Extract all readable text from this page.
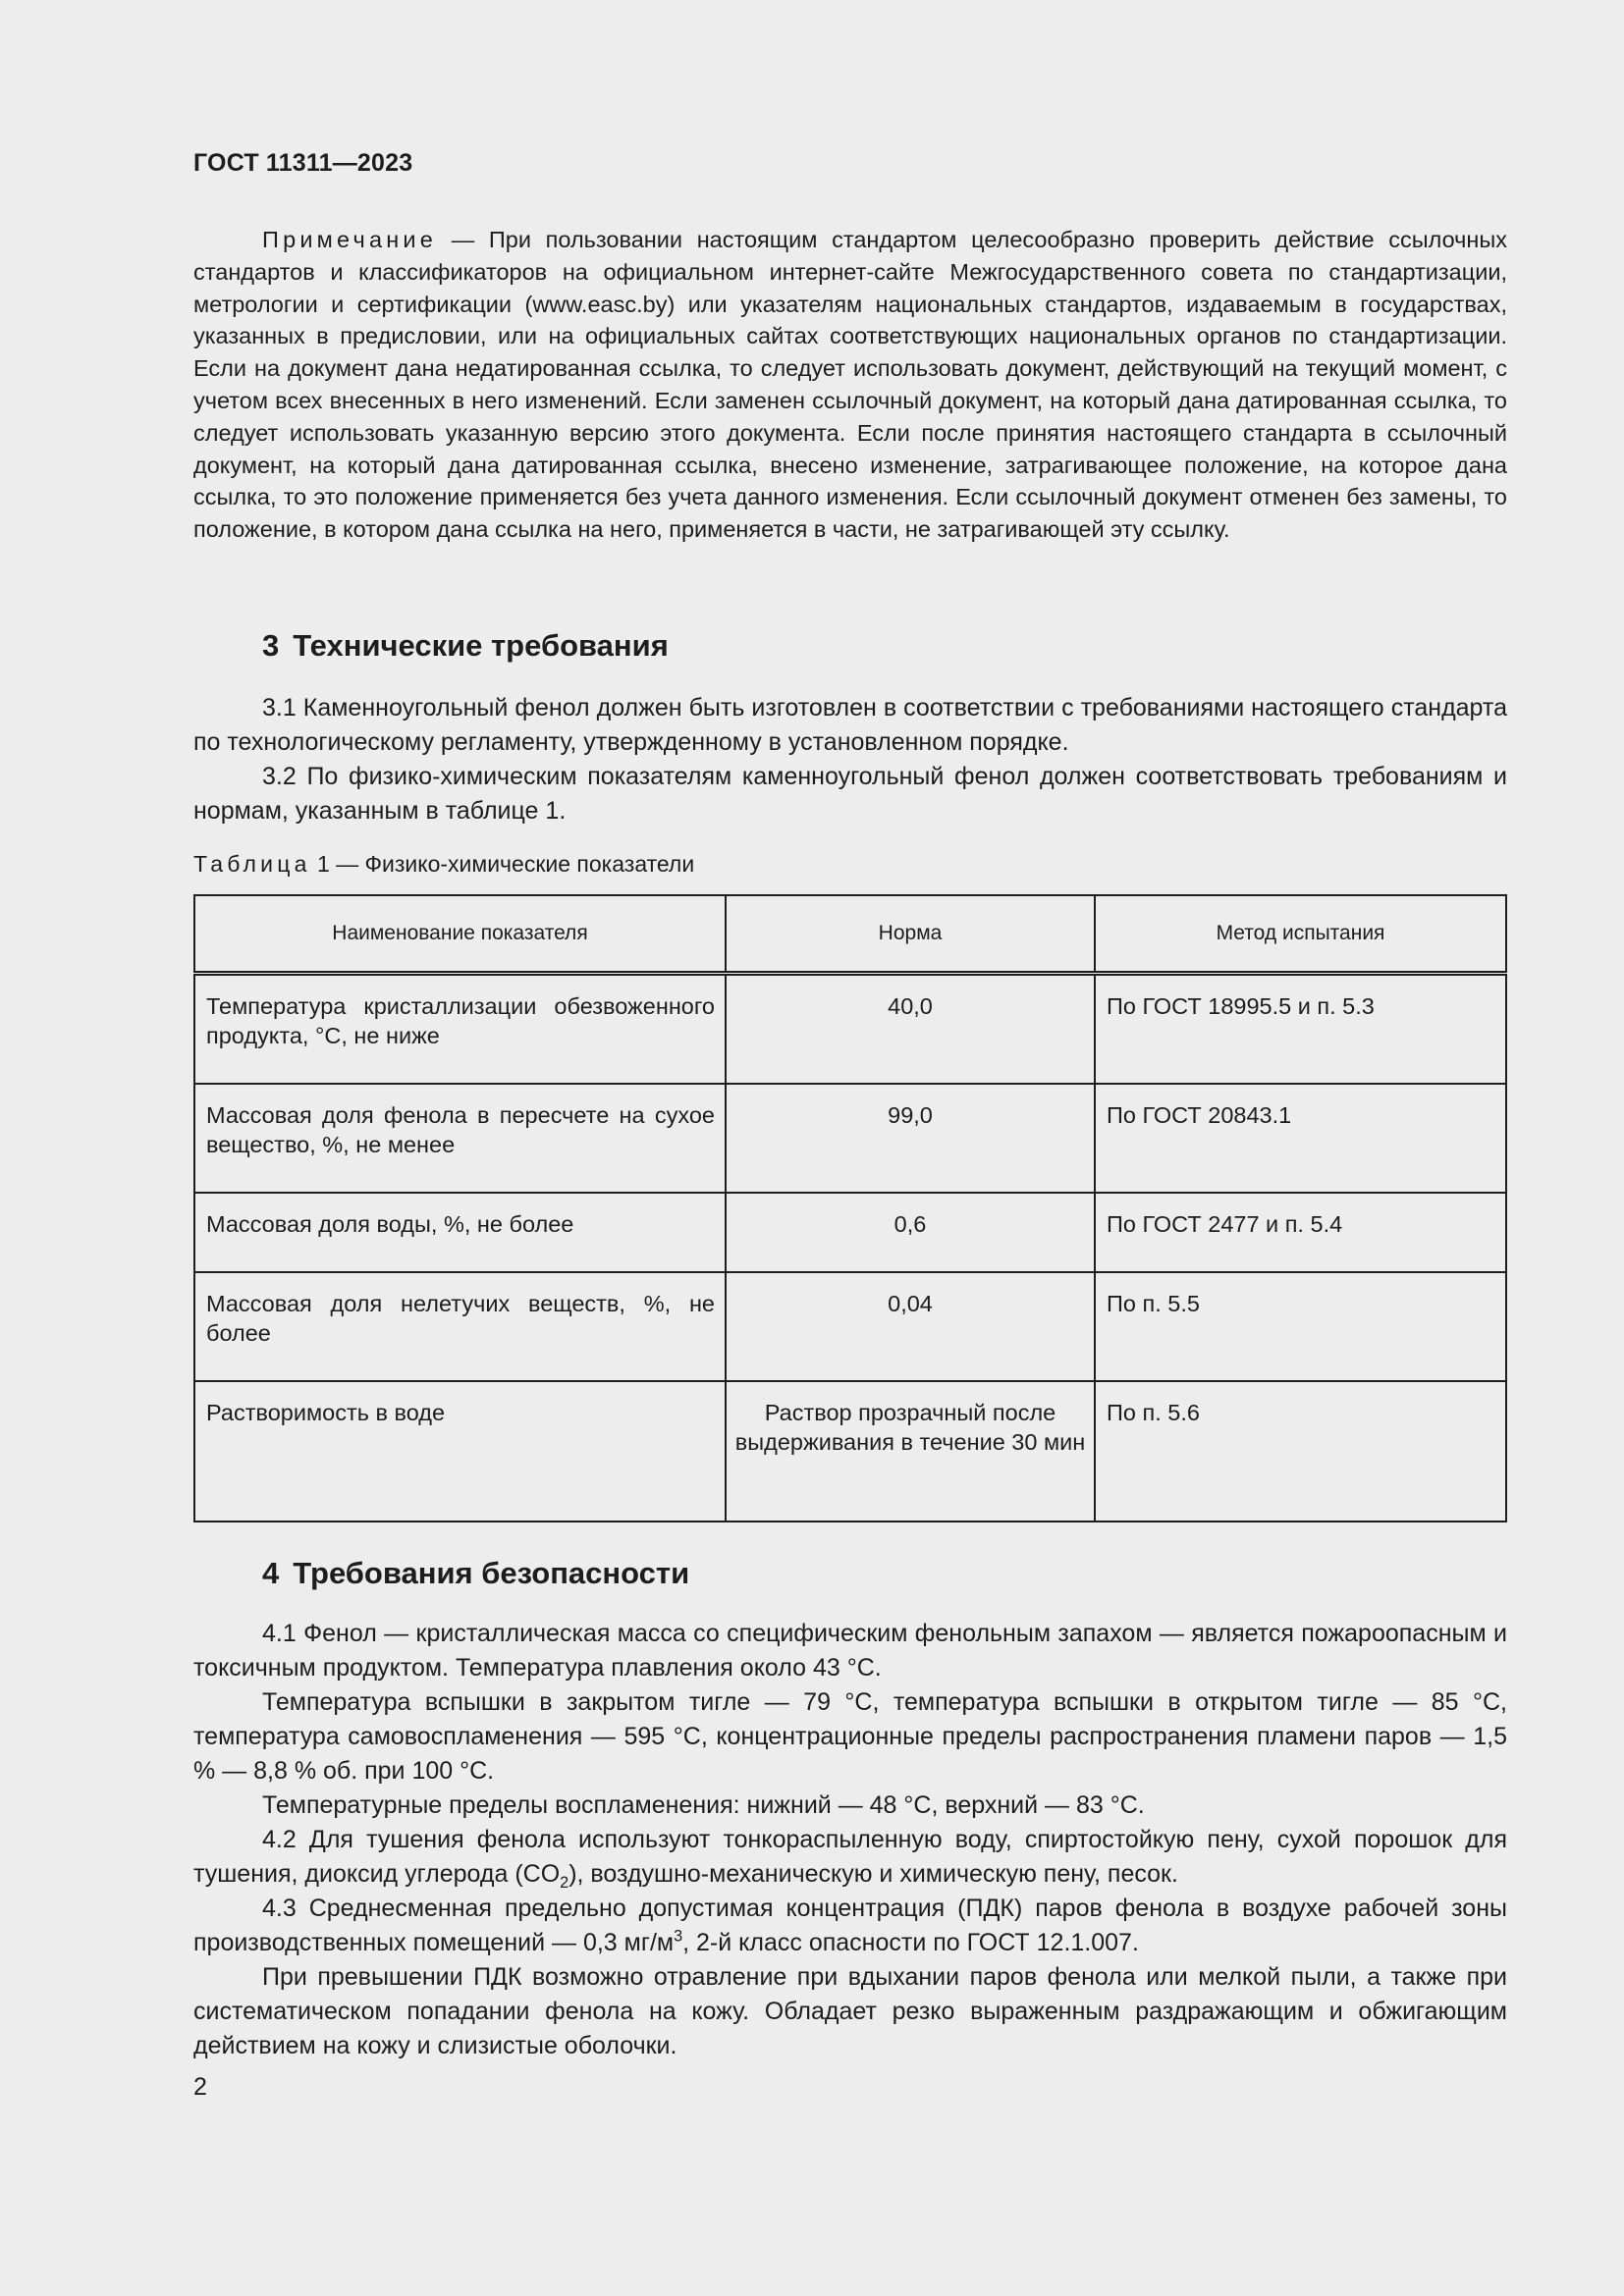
ГОСТ 11311—2023

Примечание — При пользовании настоящим стандартом целесообразно проверить действие ссылочных стандартов и классификаторов на официальном интернет-сайте Межгосударственного совета по стандартизации, метрологии и сертификации (www.easc.by) или указателям национальных стандартов, издаваемым в государствах, указанных в предисловии, или на официальных сайтах соответствующих национальных органов по стандартизации. Если на документ дана недатированная ссылка, то следует использовать документ, действующий на текущий момент, с учетом всех внесенных в него изменений. Если заменен ссылочный документ, на который дана датированная ссылка, то следует использовать указанную версию этого документа. Если после принятия настоящего стандарта в ссылочный документ, на который дана датированная ссылка, внесено изменение, затрагивающее положение, на которое дана ссылка, то это положение применяется без учета данного изменения. Если ссылочный документ отменен без замены, то положение, в котором дана ссылка на него, применяется в части, не затрагивающей эту ссылку.

3 Технические требования

3.1 Каменноугольный фенол должен быть изготовлен в соответствии с требованиями настоящего стандарта по технологическому регламенту, утвержденному в установленном порядке.

3.2 По физико-химическим показателям каменноугольный фенол должен соответствовать требованиям и нормам, указанным в таблице 1.

Таблица 1 — Физико-химические показатели

Наименование показателя	Норма	Метод испытания
Температура кристаллизации обезвоженного продукта, °C, не ниже	40,0	По ГОСТ 18995.5 и п. 5.3
Массовая доля фенола в пересчете на сухое вещество, %, не менее	99,0	По ГОСТ 20843.1
Массовая доля воды, %, не более	0,6	По ГОСТ 2477 и п. 5.4
Массовая доля нелетучих веществ, %, не более	0,04	По п. 5.5
Растворимость в воде	Раствор прозрачный после выдерживания в течение 30 мин	По п. 5.6
4 Требования безопасности

4.1 Фенол — кристаллическая масса со специфическим фенольным запахом — является пожароопасным и токсичным продуктом. Температура плавления около 43 °C.

Температура вспышки в закрытом тигле — 79 °C, температура вспышки в открытом тигле — 85 °C, температура самовоспламенения — 595 °C, концентрационные пределы распространения пламени паров — 1,5 % — 8,8 % об. при 100 °C.

Температурные пределы воспламенения: нижний — 48 °C, верхний — 83 °C.

4.2 Для тушения фенола используют тонкораспыленную воду, спиртостойкую пену, сухой порошок для тушения, диоксид углерода $(CO_2)$, воздушно-механическую и химическую пену, песок.

4.3 Среднесменная предельно допустимая концентрация (ПДК) паров фенола в воздухе рабочей зоны производственных помещений — 0,3 $мг/м^3$, 2-й класс опасности по ГОСТ 12.1.007.

При превышении ПДК возможно отравление при вдыхании паров фенола или мелкой пыли, а также при систематическом попадании фенола на кожу. Обладает резко выраженным раздражающим и обжигающим действием на кожу и слизистые оболочки.

2
